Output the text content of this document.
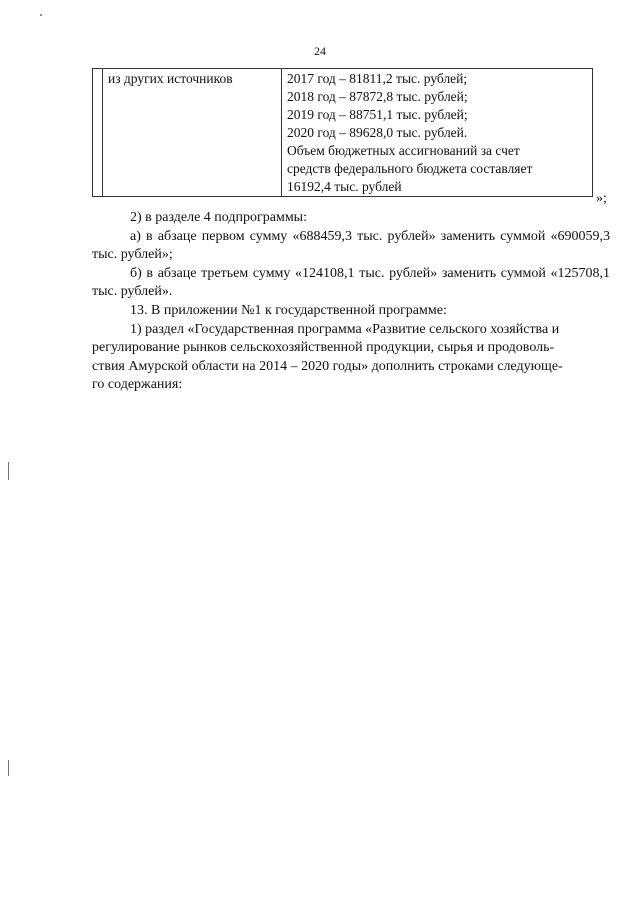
24
	из других источников	2017 год – 81811,2 тыс. рублей;
2018 год – 87872,8 тыс. рублей;
2019 год – 88751,1 тыс. рублей;
2020 год – 89628,0 тыс. рублей.
Объем бюджетных ассигнований за счет
средств федерального бюджета составляет
16192,4 тыс. рублей
»;

2) в разделе 4 подпрограммы:

а) в абзаце первом сумму «688459,3 тыс. рублей» заменить суммой «690059,3 тыс. рублей»;

б) в абзаце третьем сумму «124108,1 тыс. рублей» заменить суммой «125708,1 тыс. рублей».

13. В приложении №1 к государственной программе:

1) раздел «Государственная программа «Развитие сельского хозяйства и
регулирование рынков сельскохозяйственной продукции, сырья и продоволь-
ствия Амурской области на 2014 – 2020 годы» дополнить строками следующе-
го содержания:
